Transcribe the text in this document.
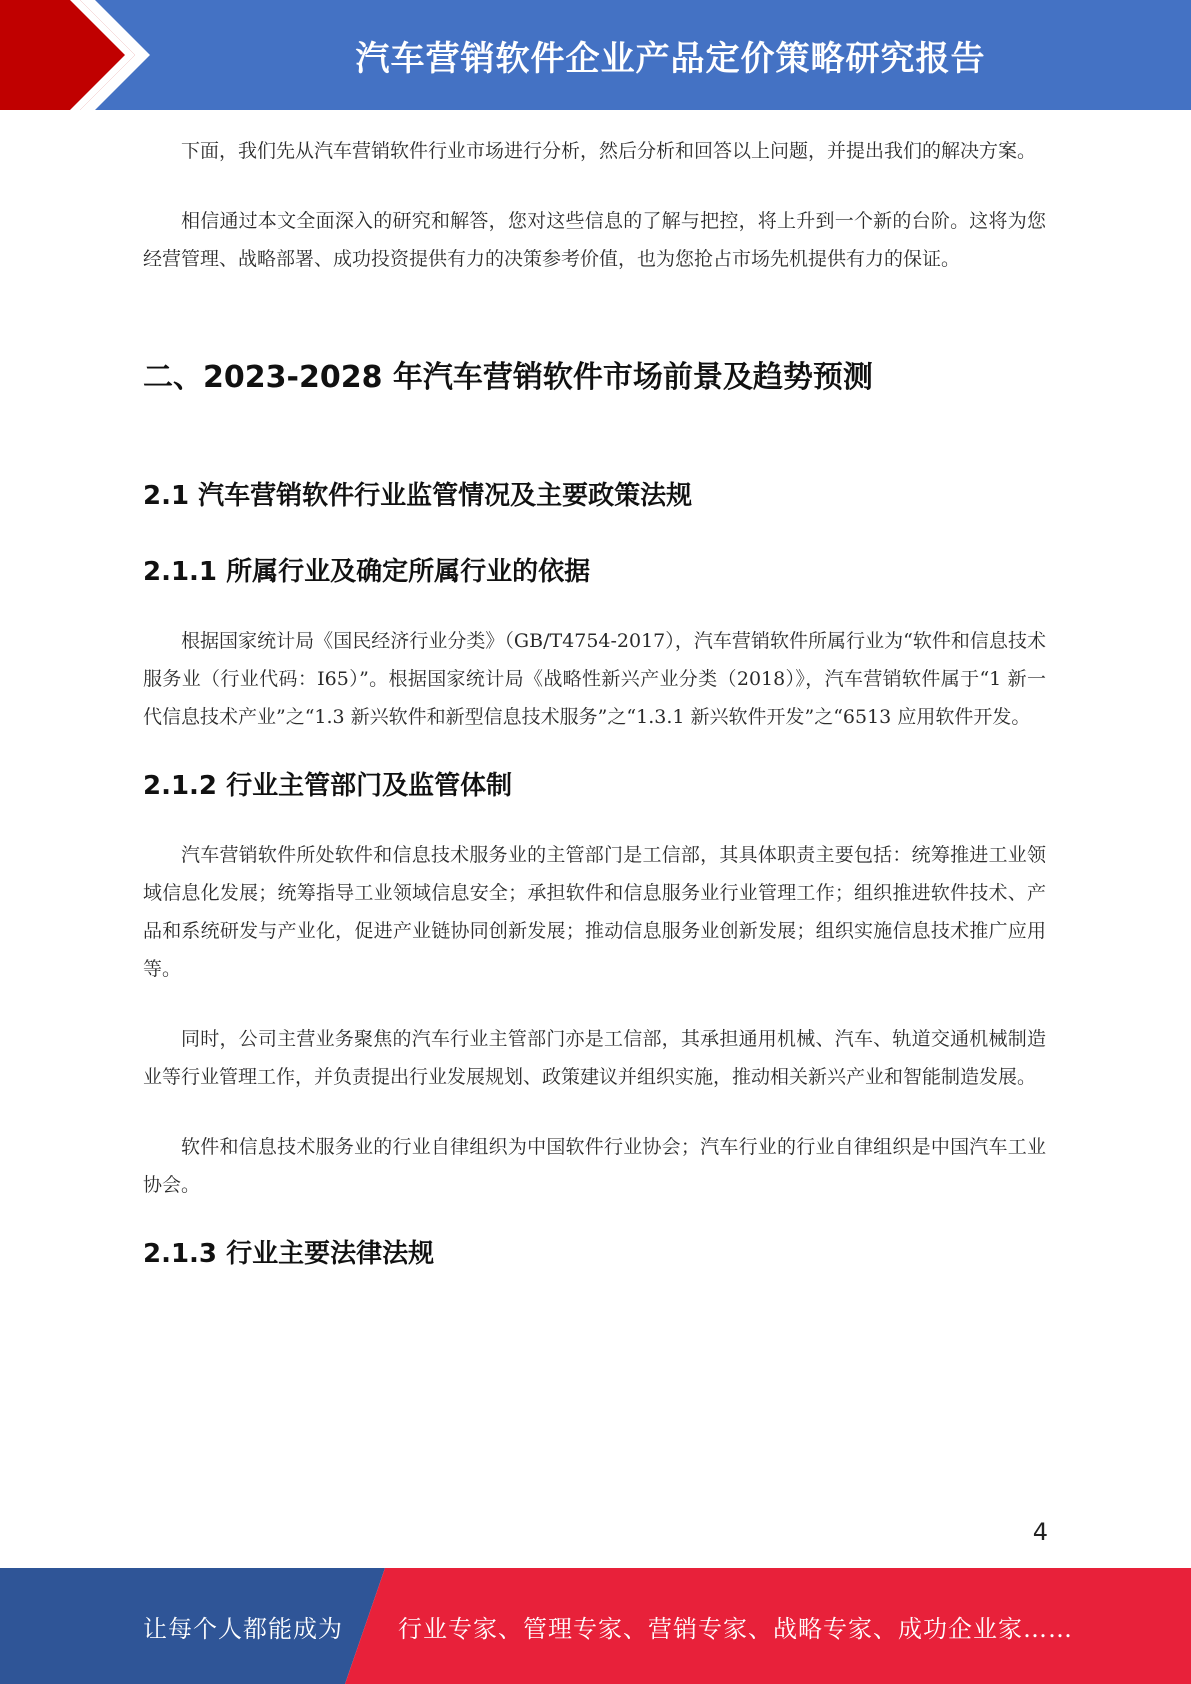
汽车营销软件企业产品定价策略研究报告

下面，我们先从汽车营销软件行业市场进行分析，然后分析和回答以上问题，并提出我们的解决方案。

相信通过本文全面深入的研究和解答，您对这些信息的了解与把控，将上升到一个新的台阶。这将为您经营管理、战略部署、成功投资提供有力的决策参考价值，也为您抢占市场先机提供有力的保证。

二、2023-2028 年汽车营销软件市场前景及趋势预测
2.1 汽车营销软件行业监管情况及主要政策法规
2.1.1 所属行业及确定所属行业的依据

根据国家统计局《国民经济行业分类》（GB/T4754-2017），汽车营销软件所属行业为“软件和信息技术服务业（行业代码：I65）”。根据国家统计局《战略性新兴产业分类（2018）》，汽车营销软件属于“1 新一代信息技术产业”之“1.3 新兴软件和新型信息技术服务”之“1.3.1 新兴软件开发”之“6513 应用软件开发。

2.1.2 行业主管部门及监管体制

汽车营销软件所处软件和信息技术服务业的主管部门是工信部，其具体职责主要包括：统筹推进工业领域信息化发展；统筹指导工业领域信息安全；承担软件和信息服务业行业管理工作；组织推进软件技术、产品和系统研发与产业化，促进产业链协同创新发展；推动信息服务业创新发展；组织实施信息技术推广应用等。

同时，公司主营业务聚焦的汽车行业主管部门亦是工信部，其承担通用机械、汽车、轨道交通机械制造业等行业管理工作，并负责提出行业发展规划、政策建议并组织实施，推动相关新兴产业和智能制造发展。

软件和信息技术服务业的行业自律组织为中国软件行业协会；汽车行业的行业自律组织是中国汽车工业协会。

2.1.3 行业主要法律法规
4
让每个人都能成为 行业专家、管理专家、营销专家、战略专家、成功企业家……
